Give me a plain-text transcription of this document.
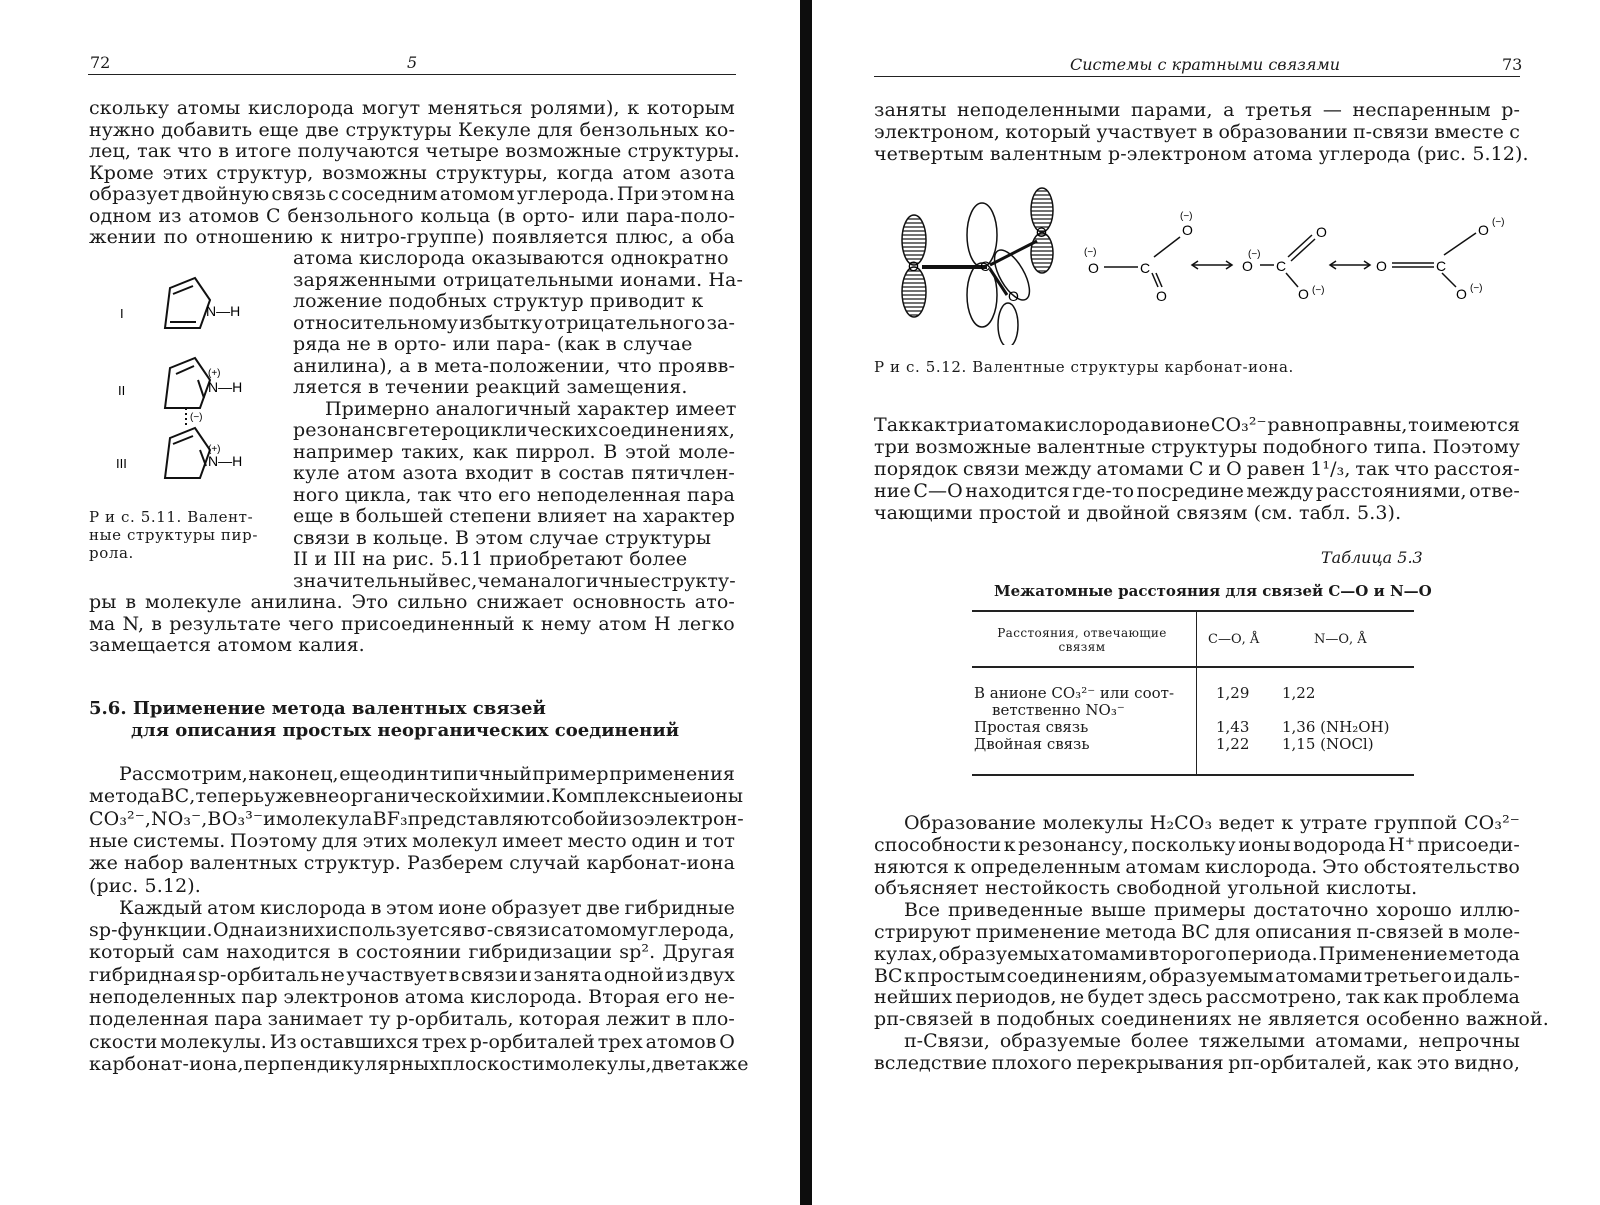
72	5
скольку атомы кислорода могут меняться ролями), к которым
нужно добавить еще две структуры Кекуле для бензольных ко-
лец, так что в итоге получаются четыре возможные структуры.
Кроме этих структур, возможны структуры, когда атом азота
образует двойную связь с соседним атомом углерода. При этом на
одном из атомов С бензольного кольца (в орто- или пара-поло-
жении по отношению к нитро-группе) появляется плюс, а оба
атома кислорода оказываются однократно
заряженными отрицательными ионами. На-
ложение подобных структур приводит к
относительному избытку отрицательного за-
ряда не в орто- или пара- (как в случае
анилина), а в мета-положении, что проявв-
ляется в течении реакций замещения.
Примерно аналогичный характер имеет
резонанс в гетероциклических соединениях,
например таких, как пиррол. В этой моле-
куле атом азота входит в состав пятичлен-
ного цикла, так что его неподеленная пара
еще в большей степени влияет на характер
связи в кольце. В этом случае структуры
II и III на рис. 5.11 приобретают более
значительный вес, чем аналогичные структу-
ры в молекуле анилина. Это сильно снижает основность ато-
ма N, в результате чего присоединенный к нему атом Н легко
замещается атомом калия.
I
II
III
N—H
N—H
N—H
(+)
(+)
(−)
Р и с. 5.11. Валент-
ные структуры пир-
рола.
5.6. Применение метода валентных связей
для описания простых неорганических соединений
Рассмотрим, наконец, еще один типичный пример применения
метода ВС, теперь уже в неорганической химии. Комплексные ионы
CO₃²⁻, NO₃⁻, BO₃³⁻ и молекула BF₃ представляют собой изоэлектрон-
ные системы. Поэтому для этих молекул имеет место один и тот
же набор валентных структур. Разберем случай карбонат-иона
(рис. 5.12).
Каждый атом кислорода в этом ионе образует две гибридные
sp-функции. Одна из них используется в σ-связи с атомом углерода,
который сам находится в состоянии гибридизации sp². Другая
гибридная sp-орбиталь не участвует в связи и занята одной из двух
неподеленных пар электронов атома кислорода. Вторая его не-
поделенная пара занимает ту p-орбиталь, которая лежит в пло-
скости молекулы. Из оставшихся трех p-орбиталей трех атомов О
карбонат-иона, перпендикулярных плоскости молекулы, две также
Системы с кратными связями	73
заняты неподеленными парами, а третья — неспаренным p-
электроном, который участвует в образовании π-связи вместе с
четвертым валентным p-электроном атома углерода (рис. 5.12).
O	C
O
O
O
(−)
C
O
(−)
O
O
(−)
C
O
O (−)
O	C
O (−)
O (−)
Р и с. 5.12. Валентные структуры карбонат-иона.
Так как три атома кислорода в ионе CO₃²⁻ равноправны, то имеются
три возможные валентные структуры подобного типа. Поэтому
порядок связи между атомами С и О равен 1¹/₃, так что расстоя-
ние С—О находится где-то посредине между расстояниями, отве-
чающими простой и двойной связям (см. табл. 5.3).
Таблица 5.3
Межатомные расстояния для связей С—О и N—О
Расстояния, отвечающие связям	С—О, Å	N—О, Å
В анионе CO₃²⁻ или соот-
ветственно NO₃⁻
1,29 1,22
Простая связь	1,43 1,36 (NH₂OH)
Двойная связь	1,22 1,15 (NOCl)
Образование молекулы H₂CO₃ ведет к утрате группой CO₃²⁻
способности к резонансу, поскольку ионы водорода H⁺ присоеди-
няются к определенным атомам кислорода. Это обстоятельство
объясняет нестойкость свободной угольной кислоты.
Все приведенные выше примеры достаточно хорошо иллю-
стрируют применение метода ВС для описания π-связей в моле-
кулах, образуемых атомами второго периода. Применение метода
ВС к простым соединениям, образуемым атомами третьего и даль-
нейших периодов, не будет здесь рассмотрено, так как проблема
pπ-связей в подобных соединениях не является особенно важной.
π-Связи, образуемые более тяжелыми атомами, непрочны
вследствие плохого перекрывания pπ-орбиталей, как это видно,
